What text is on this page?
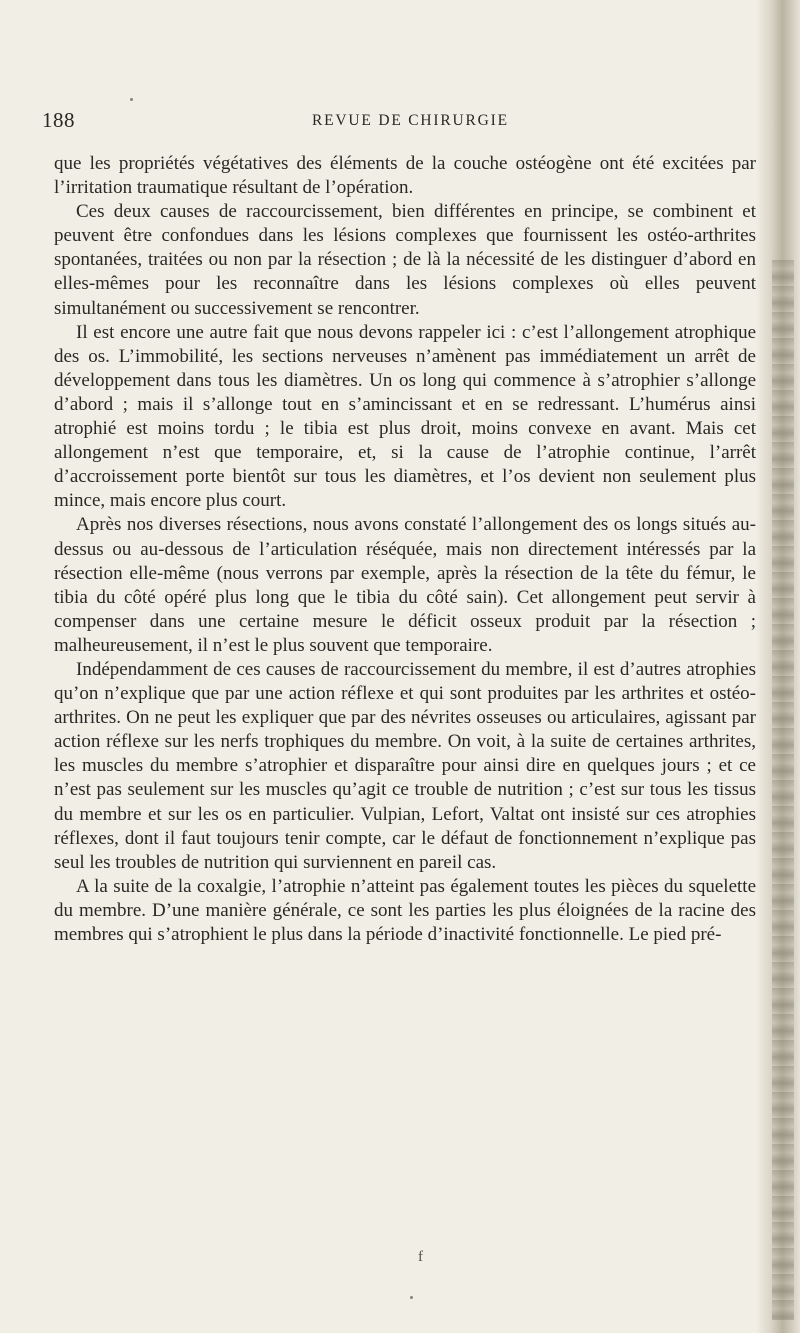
188	REVUE DE CHIRURGIE

que les propriétés végétatives des éléments de la couche ostéogène ont été excitées par l’irritation traumatique résultant de l’opération.

Ces deux causes de raccourcissement, bien différentes en principe, se combinent et peuvent être confondues dans les lésions complexes que fournissent les ostéo-arthrites spontanées, traitées ou non par la résection ; de là la nécessité de les distinguer d’abord en elles-mêmes pour les reconnaître dans les lésions complexes où elles peuvent simultanément ou successivement se rencontrer.

Il est encore une autre fait que nous devons rappeler ici : c’est l’allongement atrophique des os. L’immobilité, les sections nerveuses n’amènent pas immédiatement un arrêt de développement dans tous les diamètres. Un os long qui commence à s’atrophier s’allonge d’abord ; mais il s’allonge tout en s’amincissant et en se redressant. L’humérus ainsi atrophié est moins tordu ; le tibia est plus droit, moins convexe en avant. Mais cet allongement n’est que temporaire, et, si la cause de l’atrophie continue, l’arrêt d’accroissement porte bientôt sur tous les diamètres, et l’os devient non seulement plus mince, mais encore plus court.

Après nos diverses résections, nous avons constaté l’allongement des os longs situés au-dessus ou au-dessous de l’articulation réséquée, mais non directement intéressés par la résection elle-même (nous verrons par exemple, après la résection de la tête du fémur, le tibia du côté opéré plus long que le tibia du côté sain). Cet allongement peut servir à compenser dans une certaine mesure le déficit osseux produit par la résection ; malheureusement, il n’est le plus souvent que temporaire.

Indépendamment de ces causes de raccourcissement du membre, il est d’autres atrophies qu’on n’explique que par une action réflexe et qui sont produites par les arthrites et ostéo-arthrites. On ne peut les expliquer que par des névrites osseuses ou articulaires, agissant par action réflexe sur les nerfs trophiques du membre. On voit, à la suite de certaines arthrites, les muscles du membre s’atrophier et disparaître pour ainsi dire en quelques jours ; et ce n’est pas seulement sur les muscles qu’agit ce trouble de nutrition ; c’est sur tous les tissus du membre et sur les os en particulier. Vulpian, Lefort, Valtat ont insisté sur ces atrophies réflexes, dont il faut toujours tenir compte, car le défaut de fonctionnement n’explique pas seul les troubles de nutrition qui surviennent en pareil cas.

A la suite de la coxalgie, l’atrophie n’atteint pas également toutes les pièces du squelette du membre. D’une manière générale, ce sont les parties les plus éloignées de la racine des membres qui s’atrophient le plus dans la période d’inactivité fonctionnelle. Le pied pré-

f
